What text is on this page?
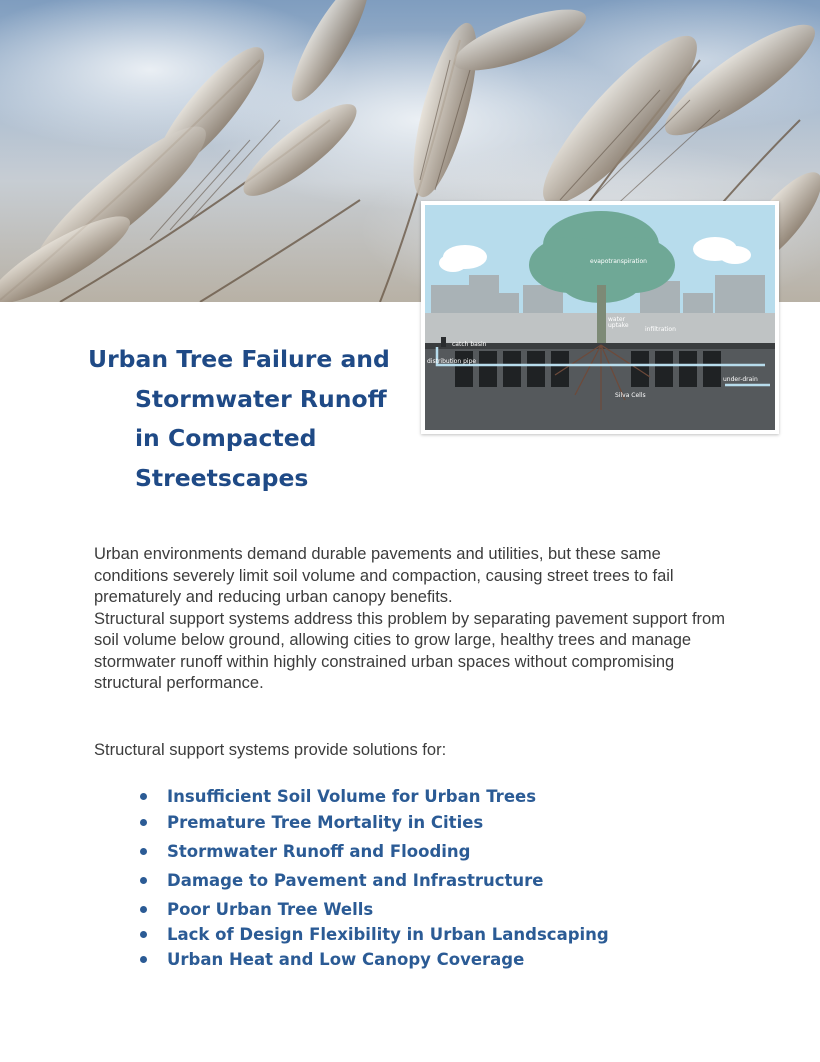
evapotranspiration
water
uptake
infiltration
catch basin
distribution pipe
Silva Cells
under-drain
Urban Tree Failure and
Stormwater Runoff
in Compacted
Streetscapes

Urban environments demand durable pavements and utilities, but these same conditions severely limit soil volume and compaction, causing street trees to fail prematurely and reducing urban canopy benefits.

Structural support systems address this problem by separating pavement support from soil volume below ground, allowing cities to grow large, healthy trees and manage stormwater runoff within highly constrained urban spaces without compromising structural performance.

Structural support systems provide solutions for:

Insufficient Soil Volume for Urban Trees
Premature Tree Mortality in Cities
Stormwater Runoff and Flooding
Damage to Pavement and Infrastructure
Poor Urban Tree Wells
Lack of Design Flexibility in Urban Landscaping
Urban Heat and Low Canopy Coverage
